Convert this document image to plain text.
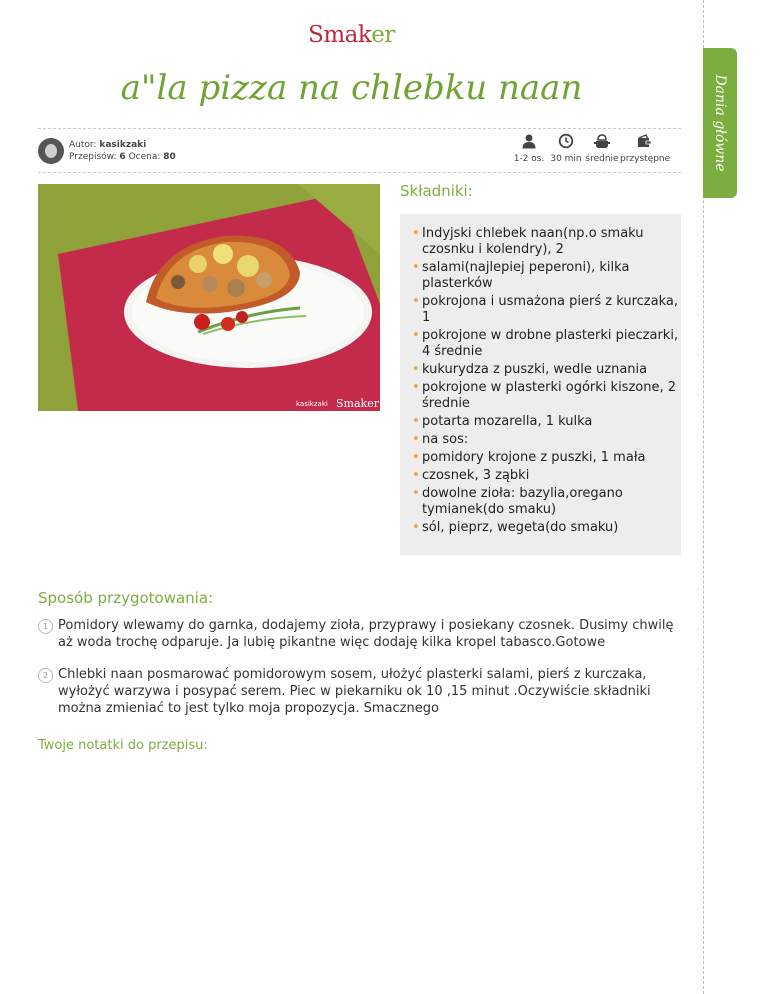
Dania główne
Smaker
a"la pizza na chlebku naan
Autor: kasikzaki
Przepisów: 6 Ocena: 80	1-2 os. 30 min średnie przystępne
kasikzaki Smaker
Składniki:
• Indyjski chlebek naan(np.o smaku czosnku i kolendry), 2
• salami(najlepiej peperoni), kilka plasterków
• pokrojona i usmażona pierś z kurczaka, 1
• pokrojone w drobne plasterki pieczarki, 4 średnie
• kukurydza z puszki, wedle uznania
• pokrojone w plasterki ogórki kiszone, 2 średnie
• potarta mozarella, 1 kulka
• na sos:
• pomidory krojone z puszki, 1 mała
• czosnek, 3 ząbki
• dowolne zioła: bazylia,oregano tymianek(do smaku)
• sól, pieprz, wegeta(do smaku)
Sposób przygotowania:
1 Pomidory wlewamy do garnka, dodajemy zioła, przyprawy i posiekany czosnek. Dusimy chwilę aż woda trochę odparuje. Ja lubię pikantne więc dodaję kilka kropel tabasco.Gotowe

2 Chlebki naan posmarować pomidorowym sosem, ułożyć plasterki salami, pierś z kurczaka, wyłożyć warzywa i posypać serem. Piec w piekarniku ok 10 ,15 minut .Oczywiście składniki można zmieniać to jest tylko moja propozycja. Smacznego

Twoje notatki do przepisu:
